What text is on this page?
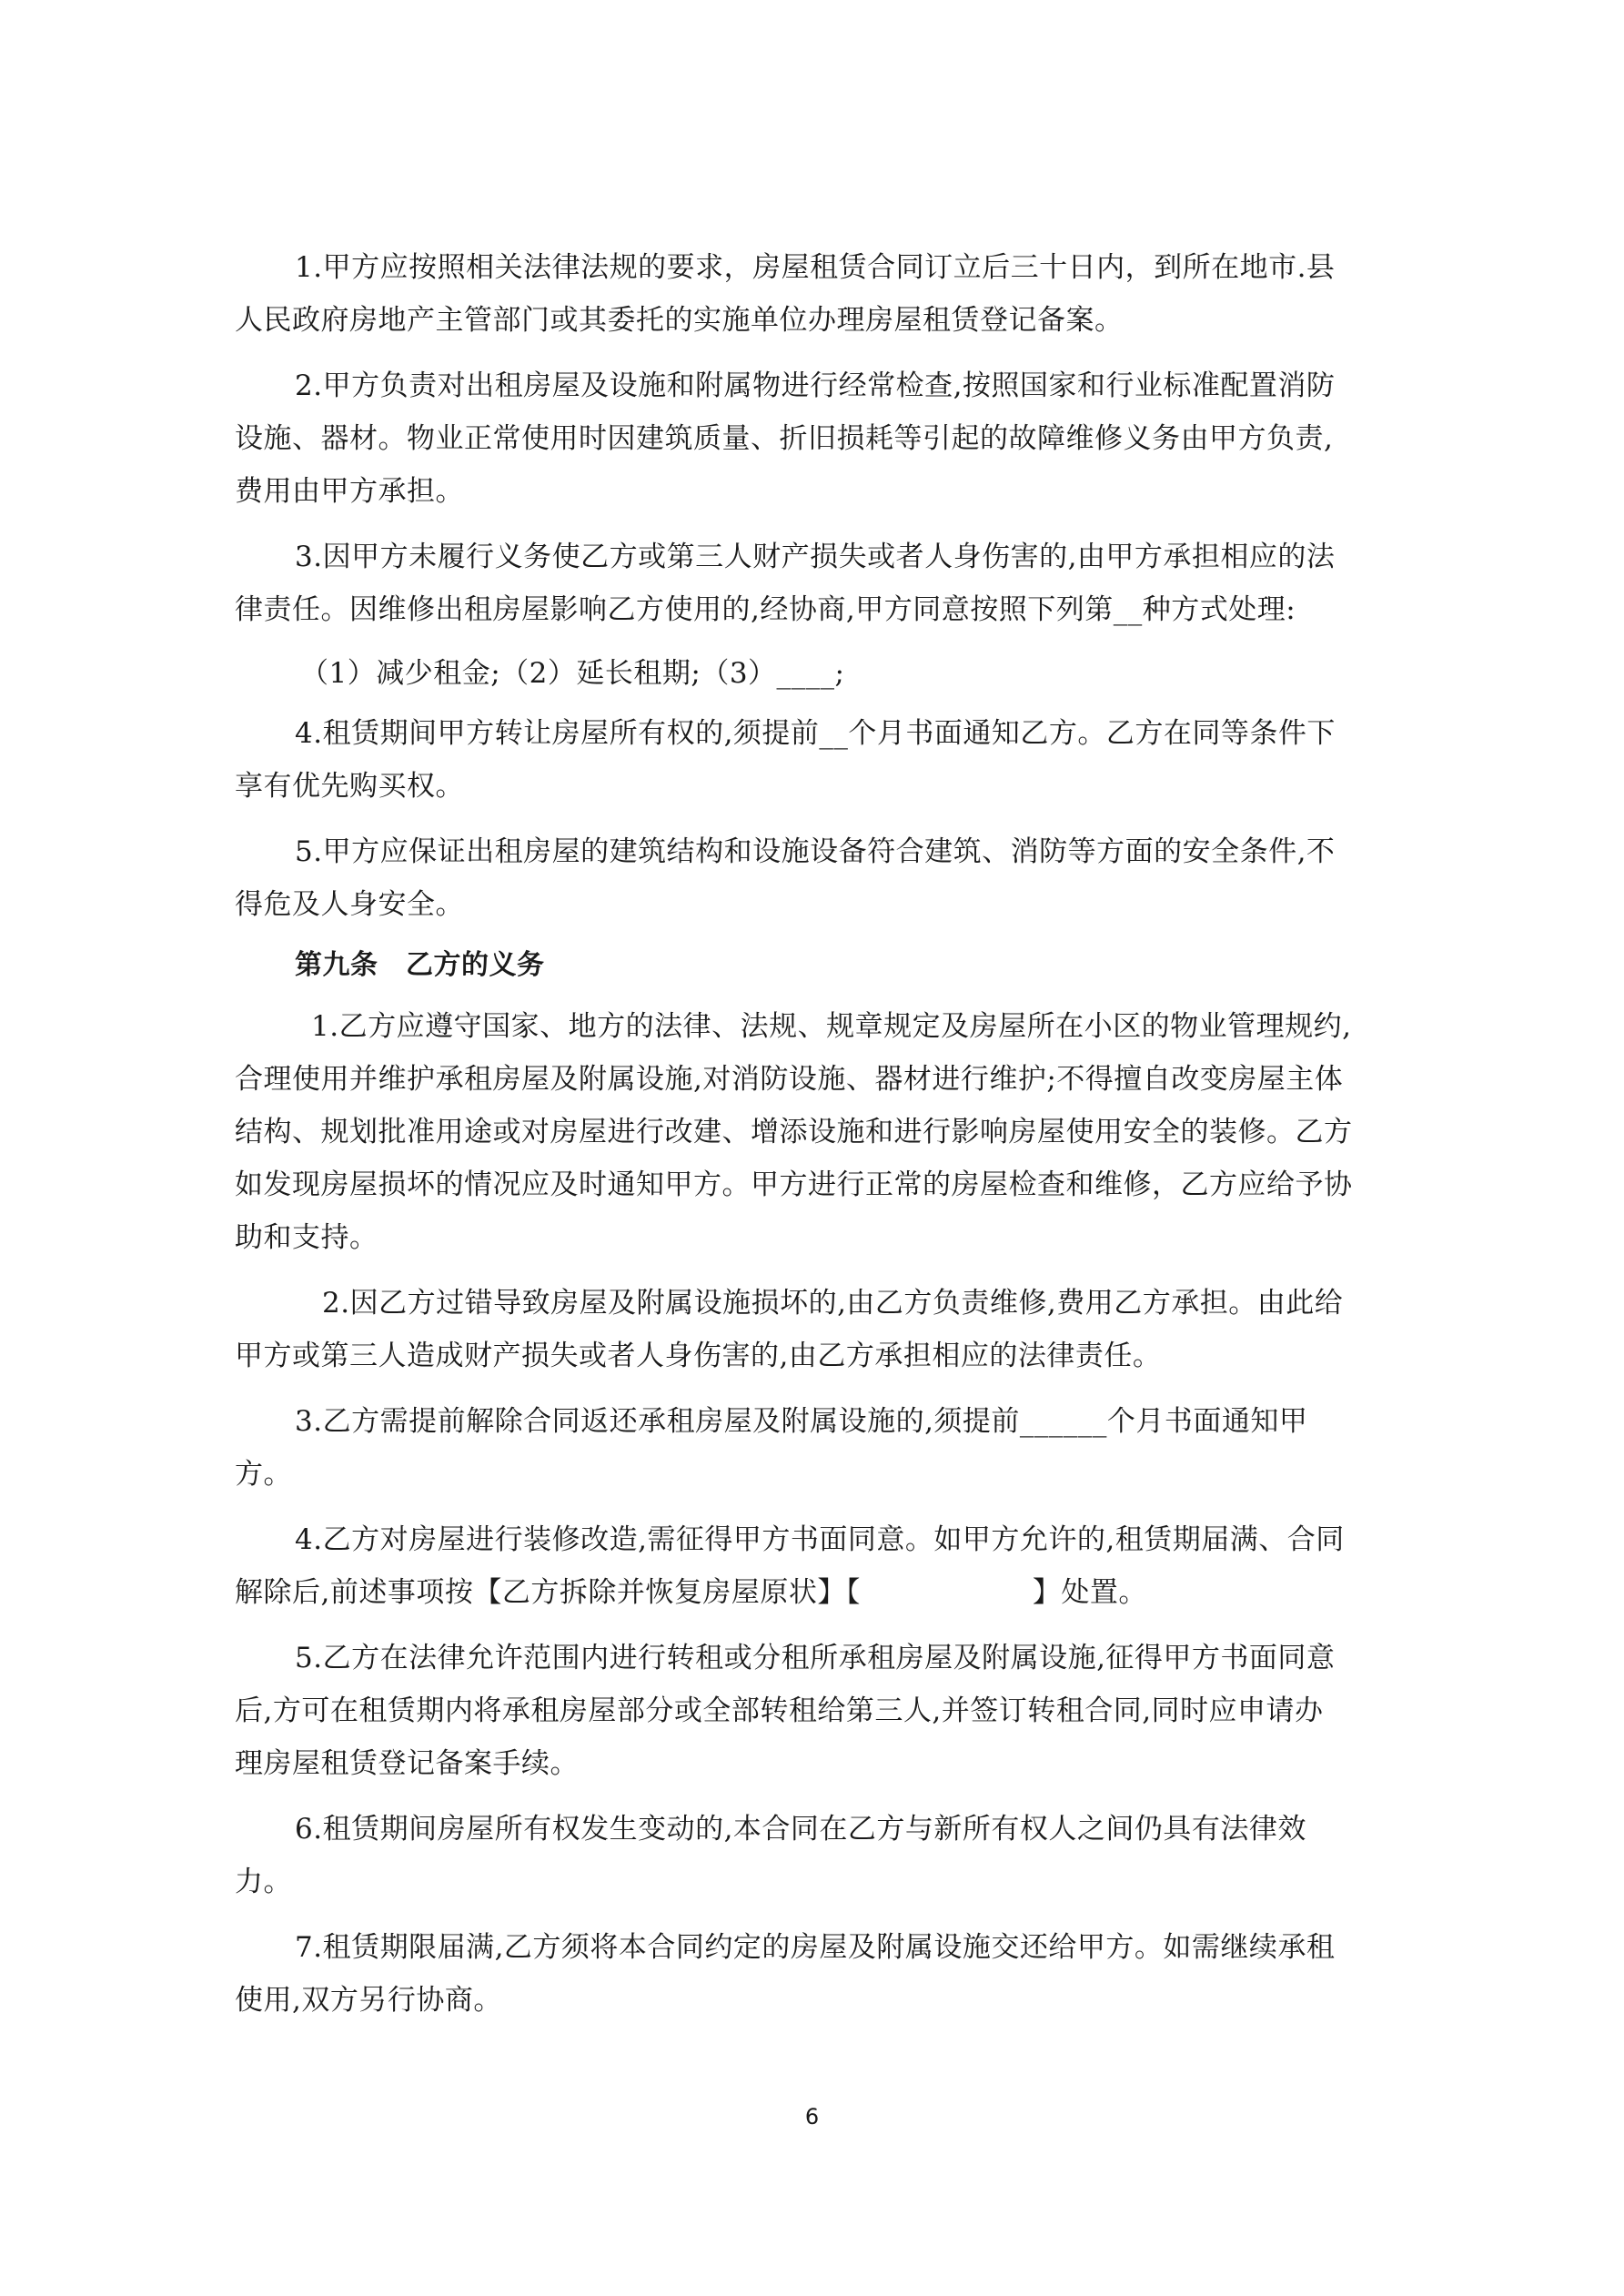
1.甲方应按照相关法律法规的要求，房屋租赁合同订立后三十日内，到所在地市.县
人民政府房地产主管部门或其委托的实施单位办理房屋租赁登记备案。
2.甲方负责对出租房屋及设施和附属物进行经常检查,按照国家和行业标准配置消防
设施、器材。物业正常使用时因建筑质量、折旧损耗等引起的故障维修义务由甲方负责,
费用由甲方承担。
3.因甲方未履行义务使乙方或第三人财产损失或者人身伤害的,由甲方承担相应的法
律责任。因维修出租房屋影响乙方使用的,经协商,甲方同意按照下列第__种方式处理:
（1）减少租金;（2）延长租期;（3）____;
4.租赁期间甲方转让房屋所有权的,须提前__个月书面通知乙方。乙方在同等条件下
享有优先购买权。
5.甲方应保证出租房屋的建筑结构和设施设备符合建筑、消防等方面的安全条件,不
得危及人身安全。
第九条　乙方的义务
1.乙方应遵守国家、地方的法律、法规、规章规定及房屋所在小区的物业管理规约,
合理使用并维护承租房屋及附属设施,对消防设施、器材进行维护;不得擅自改变房屋主体
结构、规划批准用途或对房屋进行改建、增添设施和进行影响房屋使用安全的装修。乙方
如发现房屋损坏的情况应及时通知甲方。甲方进行正常的房屋检查和维修，乙方应给予协
助和支持。
2.因乙方过错导致房屋及附属设施损坏的,由乙方负责维修,费用乙方承担。由此给
甲方或第三人造成财产损失或者人身伤害的,由乙方承担相应的法律责任。
3.乙方需提前解除合同返还承租房屋及附属设施的,须提前______个月书面通知甲
方。
4.乙方对房屋进行装修改造,需征得甲方书面同意。如甲方允许的,租赁期届满、合同
解除后,前述事项按【乙方拆除并恢复房屋原状】【　　　　　　】处置。
5.乙方在法律允许范围内进行转租或分租所承租房屋及附属设施,征得甲方书面同意
后,方可在租赁期内将承租房屋部分或全部转租给第三人,并签订转租合同,同时应申请办
理房屋租赁登记备案手续。
6.租赁期间房屋所有权发生变动的,本合同在乙方与新所有权人之间仍具有法律效
力。
7.租赁期限届满,乙方须将本合同约定的房屋及附属设施交还给甲方。如需继续承租
使用,双方另行协商。
6
